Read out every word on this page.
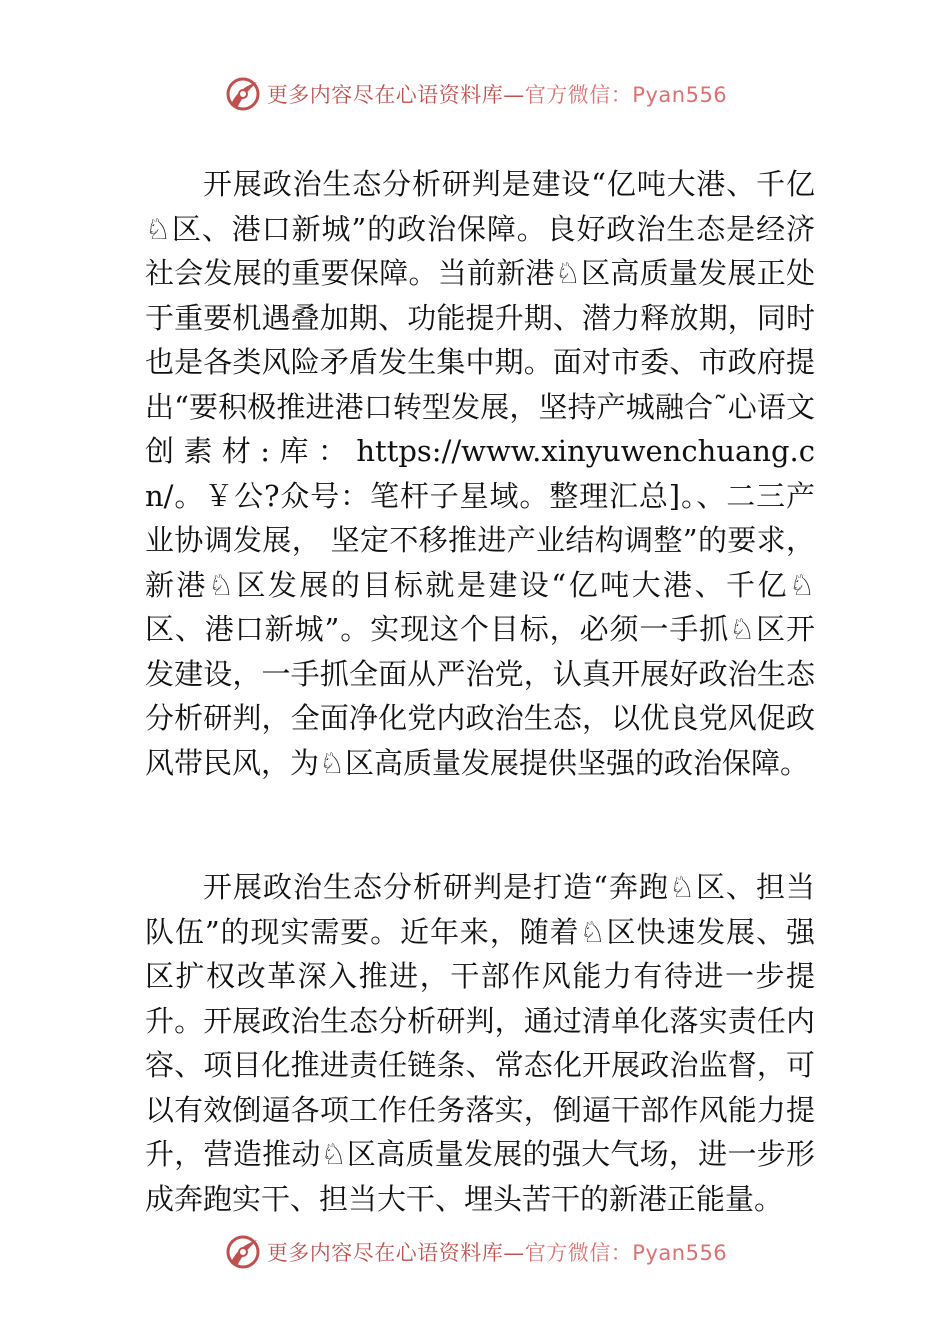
更多内容尽在心语资料库—官方微信：Pyan556

开展政治生态分析研判是建设“亿吨大港、千亿♘区、港口新城”的政治保障。良好政治生态是经济社会发展的重要保障。当前新港♘区高质量发展正处于重要机遇叠加期、功能提升期、潜力释放期，同时也是各类风险矛盾发生集中期。面对市委、市政府提出“要积极推进港口转型发展，坚持产城融合˜心语文创素材:库：https://www.xinyuwenchuang.cn/。￥公?众号：笔杆子星域。整理汇总]。、二三产业协调发展， 坚定不移推进产业结构调整”的要求，新港♘区发展的目标就是建设“亿吨大港、千亿♘区、港口新城”。实现这个目标，必须一手抓♘区开发建设，一手抓全面从严治党，认真开展好政治生态分析研判，全面净化党内政治生态，以优良党风促政风带民风，为♘区高质量发展提供坚强的政治保障。

开展政治生态分析研判是打造“奔跑♘区、担当队伍”的现实需要。近年来，随着♘区快速发展、强区扩权改革深入推进，干部作风能力有待进一步提升。开展政治生态分析研判，通过清单化落实责任内容、项目化推进责任链条、常态化开展政治监督，可以有效倒逼各项工作任务落实，倒逼干部作风能力提升，营造推动♘区高质量发展的强大气场，进一步形成奔跑实干、担当大干、埋头苦干的新港正能量。

更多内容尽在心语资料库—官方微信：Pyan556
